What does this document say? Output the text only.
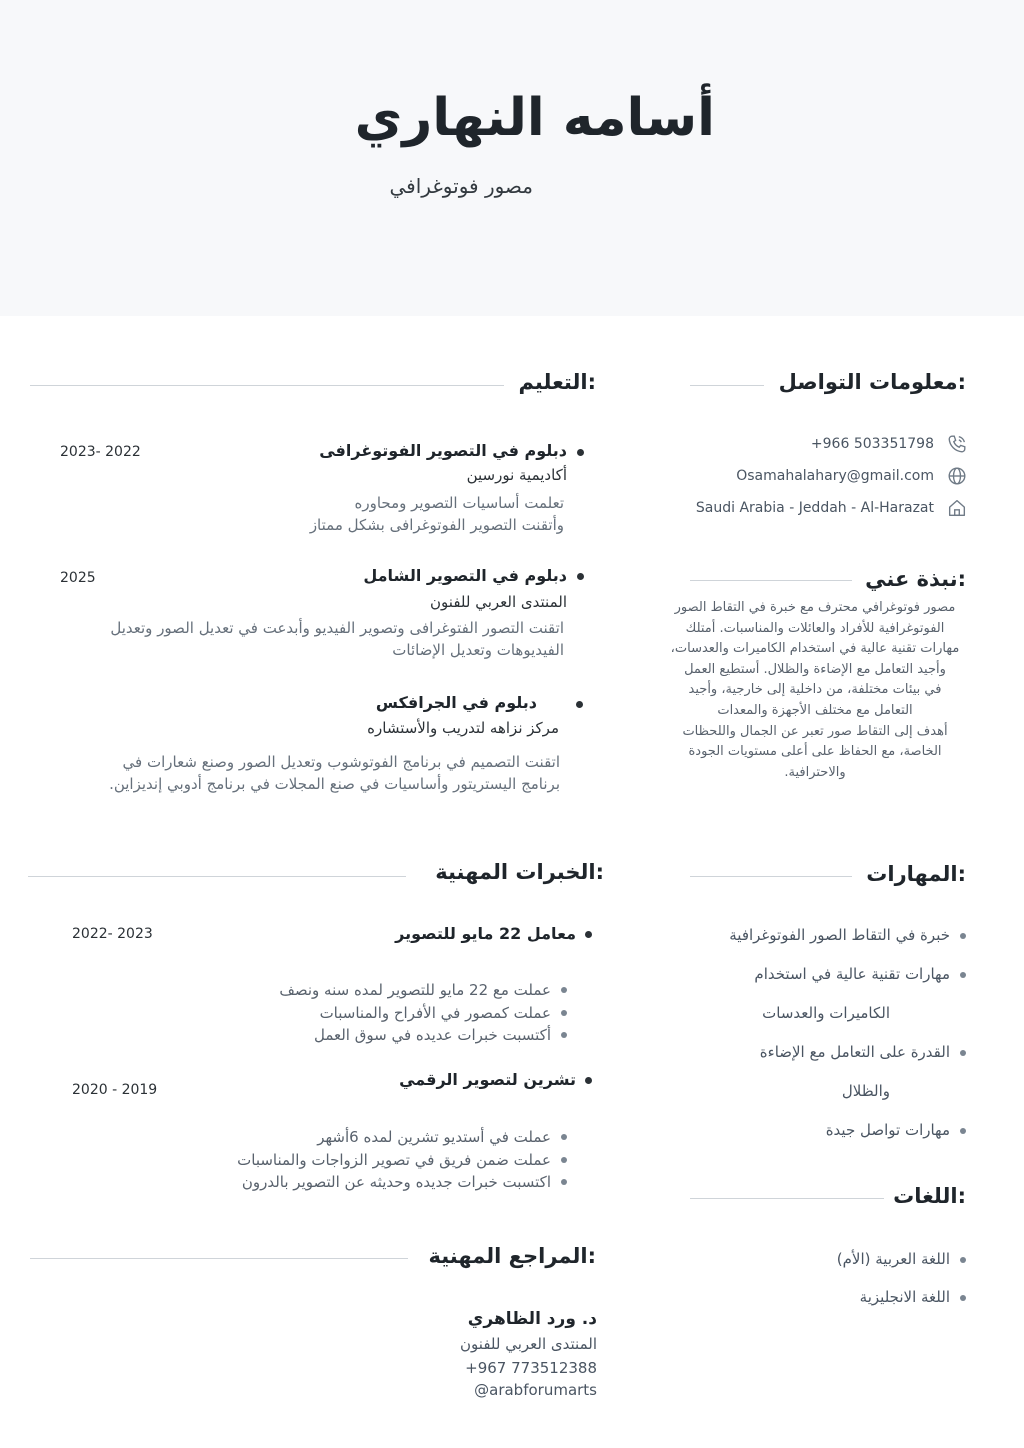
أسامه النهاري
مصور فوتوغرافي
معلومات التواصل:
+966 503351798
Osamahalahary@gmail.com
Saudi Arabia - Jeddah - Al-Harazat
نبذة عني:

مصور فوتوغرافي محترف مع خبرة في التقاط الصور

الفوتوغرافية للأفراد والعائلات والمناسبات. أمتلك

مهارات تقنية عالية في استخدام الكاميرات والعدسات،

وأجيد التعامل مع الإضاءة والظلال. أستطيع العمل

في بيئات مختلفة، من داخلية إلى خارجية، وأجيد

التعامل مع مختلف الأجهزة والمعدات

أهدف إلى التقاط صور تعبر عن الجمال واللحظات

الخاصة، مع الحفاظ على أعلى مستويات الجودة

والاحترافية.

المهارات:
خبرة في التقاط الصور الفوتوغرافية
مهارات تقنية عالية في استخدام
الكاميرات والعدسات
القدرة على التعامل مع الإضاءة
والظلال
مهارات تواصل جيدة
اللغات:
اللغة العربية (الأم)
اللغة الانجليزية
التعليم:
دبلوم في التصوير الفوتوغرافى
2023- 2022
أكاديمية نورسين
تعلمت أساسيات التصوير ومحاوره
وأتقنت التصوير الفوتوغرافى بشكل ممتاز
دبلوم في التصوير الشامل
2025
المنتدى العربي للفنون
اتقنت التصور الفتوغرافى وتصوير الفيديو وأبدعت في تعديل الصور وتعديل
الفيديوهات وتعديل الإضائات
دبلوم في الجرافكس
مركز نزاهه لتدريب والأستشاره
اتقنت التصميم في برنامج الفوتوشوب وتعديل الصور وصنع شعارات في
برنامج اليستريتور وأساسيات في صنع المجلات في برنامج أدوبي إنديزاين.
الخبرات المهنية:
معامل 22 مايو للتصوير
2022- 2023
عملت مع 22 مايو للتصوير لمده سنه ونصف
عملت كمصور في الأفراح والمناسبات
أكتسبت خبرات عديده في سوق العمل
تشرين لتصوير الرقمي
2020 - 2019
عملت في أستديو تشرين لمده 6أشهر
عملت ضمن فريق في تصوير الزواجات والمناسبات
اكتسبت خبرات جديده وحديثه عن التصوير بالدرون
المراجع المهنية:
د. ورد الظاهري
المنتدى العربي للفنون
+967 773512388
@arabforumarts
